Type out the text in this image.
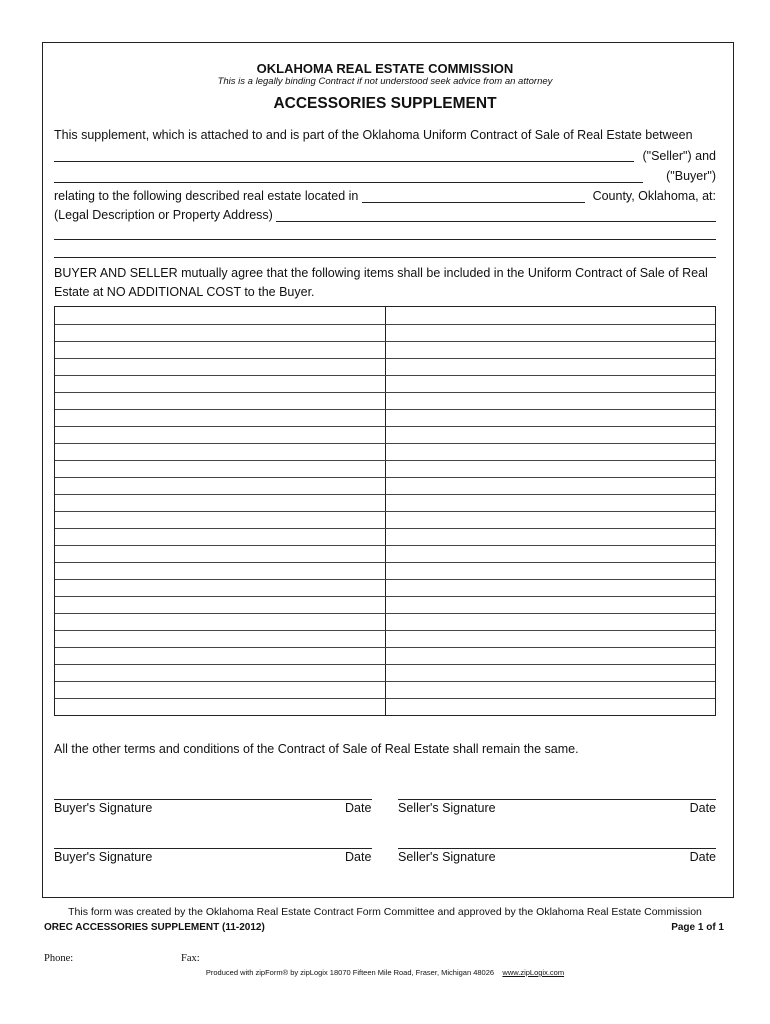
OKLAHOMA REAL ESTATE COMMISSION
This is a legally binding Contract if not understood seek advice from an attorney
ACCESSORIES SUPPLEMENT
This supplement, which is attached to and is part of the Oklahoma Uniform Contract of Sale of Real Estate between
("Seller") and
("Buyer")
relating to the following described real estate located in	County, Oklahoma, at:
(Legal Description or Property Address)
BUYER AND SELLER mutually agree that the following items shall be included in the Uniform Contract of Sale of Real
Estate at NO ADDITIONAL COST to the Buyer.
All the other terms and conditions of the Contract of Sale of Real Estate shall remain the same.
Buyer's Signature	Date Seller's Signature	Date
Buyer's Signature	Date Seller's Signature	Date
This form was created by the Oklahoma Real Estate Contract Form Committee and approved by the Oklahoma Real Estate Commission
OREC ACCESSORIES SUPPLEMENT (11-2012)	Page 1 of 1
Phone:	Fax:
Produced with zipForm® by zipLogix 18070 Fifteen Mile Road, Fraser, Michigan 48026 www.zipLogix.com
